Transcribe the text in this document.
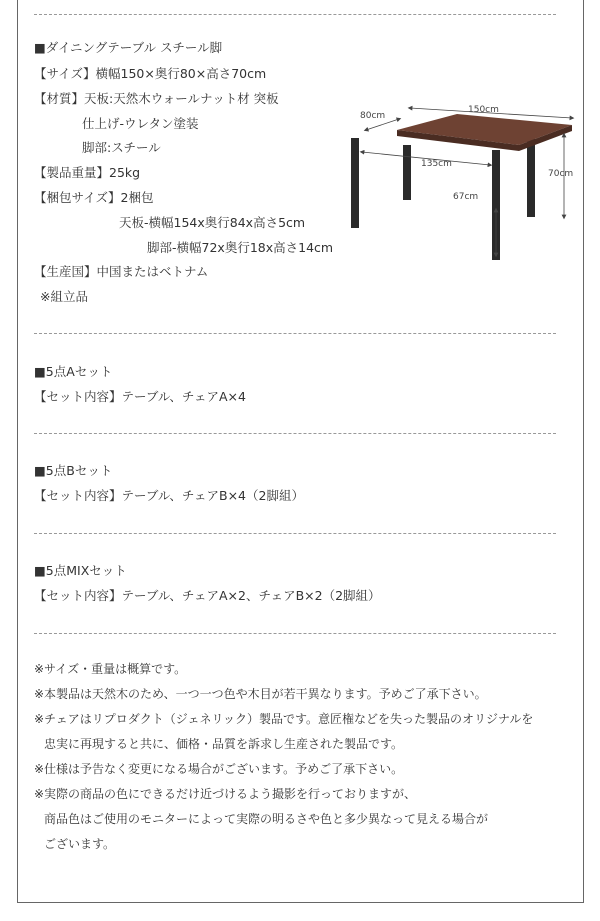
■ダイニングテーブル スチール脚
【サイズ】横幅150×奥行80×高さ70cm
【材質】天板:天然木ウォールナット材 突板
仕上げ-ウレタン塗装
脚部:スチール
【製品重量】25kg
【梱包サイズ】2梱包
天板-横幅154x奥行84x高さ5cm
脚部-横幅72x奥行18x高さ14cm
【生産国】中国またはベトナム
※組立品
80cm
150cm
135cm
70cm
67cm
■5点Aセット
【セット内容】テーブル、チェアA×4
■5点Bセット
【セット内容】テーブル、チェアB×4（2脚組）
■5点MIXセット
【セット内容】テーブル、チェアA×2、チェアB×2（2脚組）
※サイズ・重量は概算です。
※本製品は天然木のため、一つ一つ色や木目が若干異なります。予めご了承下さい。
※チェアはリプロダクト（ジェネリック）製品です。意匠権などを失った製品のオリジナルを
忠実に再現すると共に、価格・品質を訴求し生産された製品です。
※仕様は予告なく変更になる場合がございます。予めご了承下さい。
※実際の商品の色にできるだけ近づけるよう撮影を行っておりますが、
商品色はご使用のモニターによって実際の明るさや色と多少異なって見える場合が
ございます。
